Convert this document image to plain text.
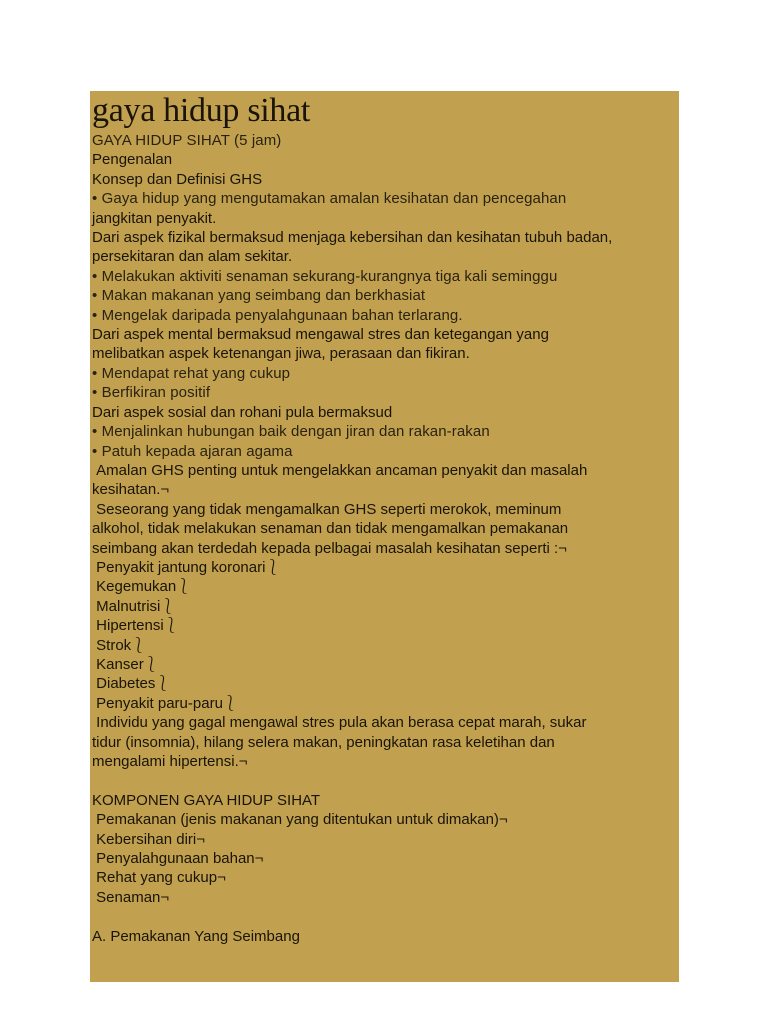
gaya hidup sihat
GAYA HIDUP SIHAT (5 jam)
Pengenalan
Konsep dan Definisi GHS
• Gaya hidup yang mengutamakan amalan kesihatan dan pencegahan
jangkitan penyakit.
Dari aspek fizikal bermaksud menjaga kebersihan dan kesihatan tubuh badan,
persekitaran dan alam sekitar.
• Melakukan aktiviti senaman sekurang-kurangnya tiga kali seminggu
• Makan makanan yang seimbang dan berkhasiat
• Mengelak daripada penyalahgunaan bahan terlarang.
Dari aspek mental bermaksud mengawal stres dan ketegangan yang
melibatkan aspek ketenangan jiwa, perasaan dan fikiran.
• Mendapat rehat yang cukup
• Berfikiran positif
Dari aspek sosial dan rohani pula bermaksud
• Menjalinkan hubungan baik dengan jiran dan rakan-rakan
• Patuh kepada ajaran agama
Amalan GHS penting untuk mengelakkan ancaman penyakit dan masalah
kesihatan.¬
Seseorang yang tidak mengamalkan GHS seperti merokok, meminum
alkohol, tidak melakukan senaman dan tidak mengamalkan pemakanan
seimbang akan terdedah kepada pelbagai masalah kesihatan seperti :¬
Penyakit jantung koronari⎱
Kegemukan⎱
Malnutrisi⎱
Hipertensi⎱
Strok⎱
Kanser⎱
Diabetes⎱
Penyakit paru-paru⎱
Individu yang gagal mengawal stres pula akan berasa cepat marah, sukar
tidur (insomnia), hilang selera makan, peningkatan rasa keletihan dan
mengalami hipertensi.¬
KOMPONEN GAYA HIDUP SIHAT
Pemakanan (jenis makanan yang ditentukan untuk dimakan)¬
Kebersihan diri¬
Penyalahgunaan bahan¬
Rehat yang cukup¬
Senaman¬
A. Pemakanan Yang Seimbang
